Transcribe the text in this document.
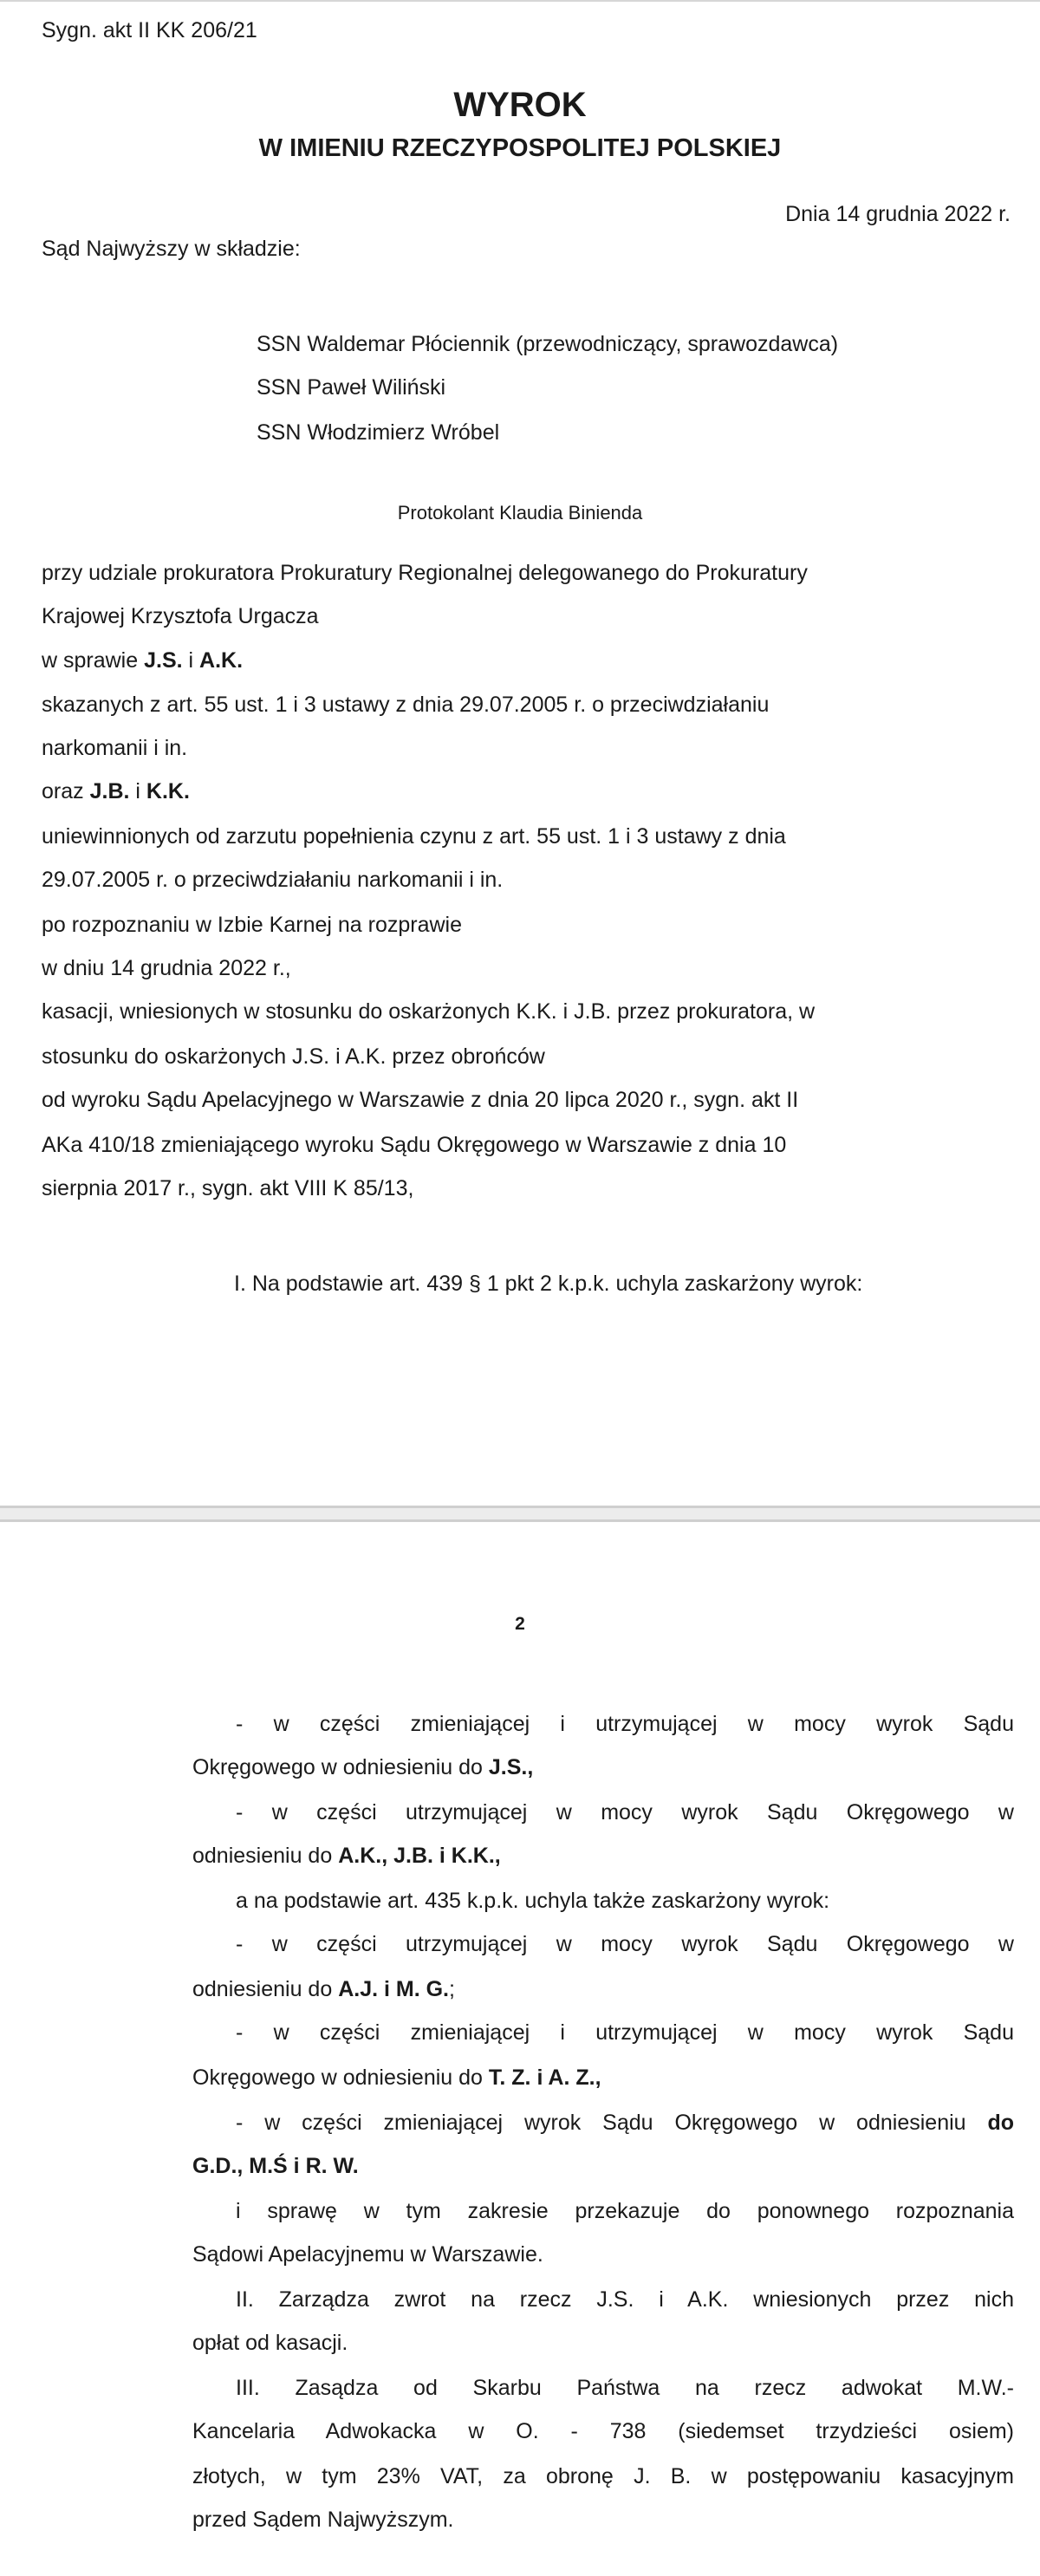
Sygn. akt II KK 206/21
WYROK
W IMIENIU RZECZYPOSPOLITEJ POLSKIEJ
Dnia 14 grudnia 2022 r.
Sąd Najwyższy w składzie:
SSN Waldemar Płóciennik (przewodniczący, sprawozdawca)
SSN Paweł Wiliński
SSN Włodzimierz Wróbel
Protokolant Klaudia Binienda
przy udziale prokuratora Prokuratury Regionalnej delegowanego do Prokuratury
Krajowej Krzysztofa Urgacza
w sprawie J.S. i A.K.
skazanych z art. 55 ust. 1 i 3 ustawy z dnia 29.07.2005 r. o przeciwdziałaniu
narkomanii i in.
oraz J.B. i K.K.
uniewinnionych od zarzutu popełnienia czynu z art. 55 ust. 1 i 3 ustawy z dnia
29.07.2005 r. o przeciwdziałaniu narkomanii i in.
po rozpoznaniu w Izbie Karnej na rozprawie
w dniu 14 grudnia 2022 r.,
kasacji, wniesionych w stosunku do oskarżonych K.K. i J.B. przez prokuratora, w
stosunku do oskarżonych J.S. i A.K. przez obrońców
od wyroku Sądu Apelacyjnego w Warszawie z dnia 20 lipca 2020 r., sygn. akt II
AKa 410/18 zmieniającego wyroku Sądu Okręgowego w Warszawie z dnia 10
sierpnia 2017 r., sygn. akt VIII K 85/13,
I. Na podstawie art. 439 § 1 pkt 2 k.p.k. uchyla zaskarżony wyrok:
2
- w części zmieniającej i utrzymującej w mocy wyrok Sądu
Okręgowego w odniesieniu do J.S.,
- w części utrzymującej w mocy wyrok Sądu Okręgowego w
odniesieniu do A.K., J.B. i K.K.,
a na podstawie art. 435 k.p.k. uchyla także zaskarżony wyrok:
- w części utrzymującej w mocy wyrok Sądu Okręgowego w
odniesieniu do A.J. i M. G.;
- w części zmieniającej i utrzymującej w mocy wyrok Sądu
Okręgowego w odniesieniu do T. Z. i A. Z.,
- w części zmieniającej wyrok Sądu Okręgowego w odniesieniu do
G.D., M.Ś i R. W.
i sprawę w tym zakresie przekazuje do ponownego rozpoznania
Sądowi Apelacyjnemu w Warszawie.
II. Zarządza zwrot na rzecz J.S. i A.K. wniesionych przez nich
opłat od kasacji.
III. Zasądza od Skarbu Państwa na rzecz adwokat M.W.-
Kancelaria Adwokacka w O. - 738 (siedemset trzydzieści osiem)
złotych, w tym 23% VAT, za obronę J. B. w postępowaniu kasacyjnym
przed Sądem Najwyższym.
